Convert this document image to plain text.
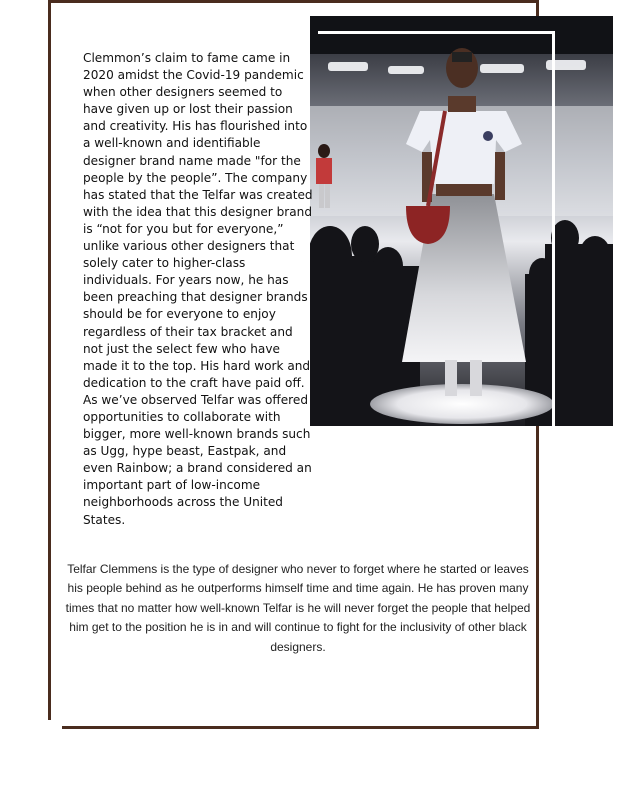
Clemmon’s claim to fame came in 2020 amidst the Covid-19 pandemic when other designers seemed to have given up or lost their passion and creativity. His has flourished into a well-known and identifiable designer brand name made "for the people by the people”. The company has stated that the Telfar was created with the idea that this designer brand is “not for you but for everyone,” unlike various other designers that solely cater to higher-class individuals. For years now, he has been preaching that designer brands should be for everyone to enjoy regardless of their tax bracket and not just the select few who have made it to the top. His hard work and dedication to the craft have paid off. As we’ve observed Telfar was offered opportunities to collaborate with bigger, more well-known brands such as Ugg, hype beast, Eastpak, and even Rainbow; a brand considered an important part of low-income neighborhoods across the United States.

Telfar Clemmens is the type of designer who never to forget where he started or leaves his people behind as he outperforms himself time and time again. He has proven many times that no matter how well-known Telfar is he will never forget the people that helped him get to the position he is in and will continue to fight for the inclusivity of other black designers.
